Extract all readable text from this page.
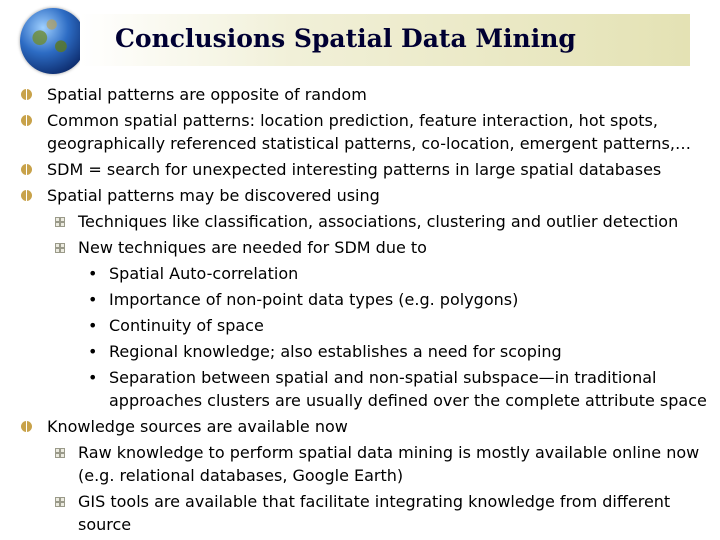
Conclusions Spatial Data Mining
Spatial patterns are opposite of random
Common spatial patterns: location prediction, feature interaction, hot spots,
geographically referenced statistical patterns, co-location, emergent patterns,…
SDM = search for unexpected interesting patterns in large spatial databases
Spatial patterns may be discovered using
Techniques like classification, associations, clustering and outlier detection
New techniques are needed for SDM due to
• Spatial Auto-correlation
• Importance of non-point data types (e.g. polygons)
• Continuity of space
• Regional knowledge; also establishes a need for scoping
• Separation between spatial and non-spatial subspace—in traditional
approaches clusters are usually defined over the complete attribute space
Knowledge sources are available now
Raw knowledge to perform spatial data mining is mostly available online now
(e.g. relational databases, Google Earth)
GIS tools are available that facilitate integrating knowledge from different
source
